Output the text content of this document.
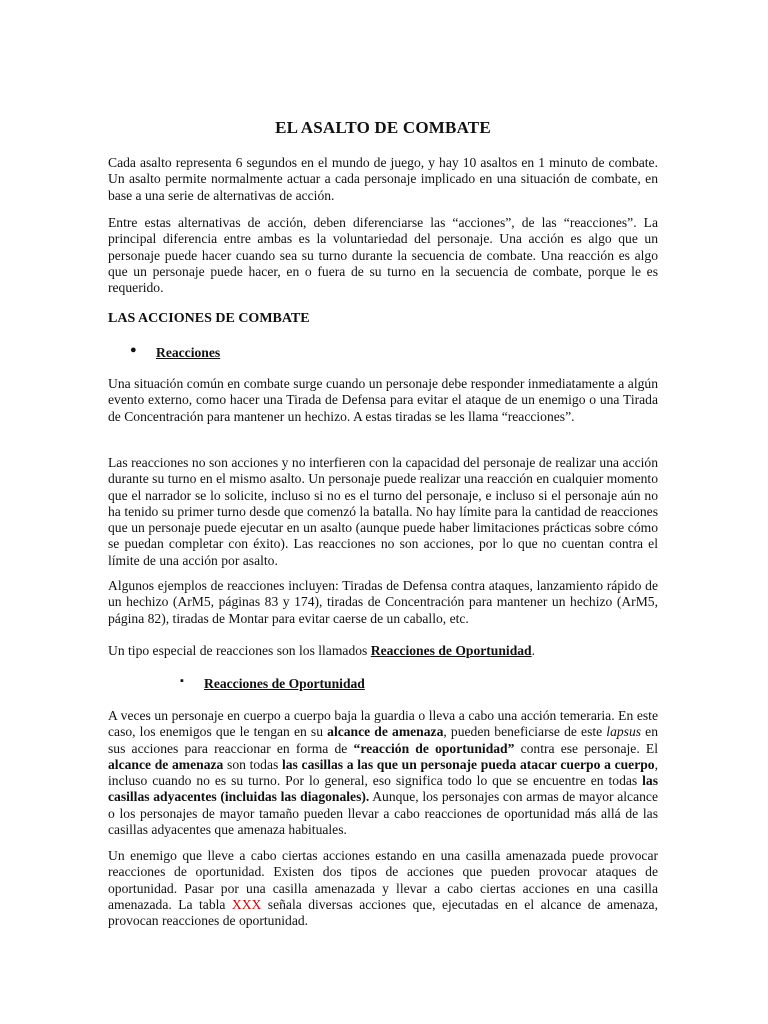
EL ASALTO DE COMBATE

Cada asalto representa 6 segundos en el mundo de juego, y hay 10 asaltos en 1 minuto de combate. Un asalto permite normalmente actuar a cada personaje implicado en una situación de combate, en base a una serie de alternativas de acción.

Entre estas alternativas de acción, deben diferenciarse las “acciones”, de las “reacciones”. La principal diferencia entre ambas es la voluntariedad del personaje. Una acción es algo que un personaje puede hacer cuando sea su turno durante la secuencia de combate. Una reacción es algo que un personaje puede hacer, en o fuera de su turno en la secuencia de combate, porque le es requerido.

LAS ACCIONES DE COMBATE
● Reacciones

Una situación común en combate surge cuando un personaje debe responder inmediatamente a algún evento externo, como hacer una Tirada de Defensa para evitar el ataque de un enemigo o una Tirada de Concentración para mantener un hechizo. A estas tiradas se les llama “reacciones”.

Las reacciones no son acciones y no interfieren con la capacidad del personaje de realizar una acción durante su turno en el mismo asalto. Un personaje puede realizar una reacción en cualquier momento que el narrador se lo solicite, incluso si no es el turno del personaje, e incluso si el personaje aún no ha tenido su primer turno desde que comenzó la batalla. No hay límite para la cantidad de reacciones que un personaje puede ejecutar en un asalto (aunque puede haber limitaciones prácticas sobre cómo se puedan completar con éxito). Las reacciones no son acciones, por lo que no cuentan contra el límite de una acción por asalto.

Algunos ejemplos de reacciones incluyen: Tiradas de Defensa contra ataques, lanzamiento rápido de un hechizo (ArM5, páginas 83 y 174), tiradas de Concentración para mantener un hechizo (ArM5, página 82), tiradas de Montar para evitar caerse de un caballo, etc.

Un tipo especial de reacciones son los llamados Reacciones de Oportunidad.

▪ Reacciones de Oportunidad

A veces un personaje en cuerpo a cuerpo baja la guardia o lleva a cabo una acción temeraria. En este caso, los enemigos que le tengan en su alcance de amenaza, pueden beneficiarse de este lapsus en sus acciones para reaccionar en forma de “reacción de oportunidad” contra ese personaje. El alcance de amenaza son todas las casillas a las que un personaje pueda atacar cuerpo a cuerpo, incluso cuando no es su turno. Por lo general, eso significa todo lo que se encuentre en todas las casillas adyacentes (incluidas las diagonales). Aunque, los personajes con armas de mayor alcance o los personajes de mayor tamaño pueden llevar a cabo reacciones de oportunidad más allá de las casillas adyacentes que amenaza habituales.

Un enemigo que lleve a cabo ciertas acciones estando en una casilla amenazada puede provocar reacciones de oportunidad. Existen dos tipos de acciones que pueden provocar ataques de oportunidad. Pasar por una casilla amenazada y llevar a cabo ciertas acciones en una casilla amenazada. La tabla XXX señala diversas acciones que, ejecutadas en el alcance de amenaza, provocan reacciones de oportunidad.
